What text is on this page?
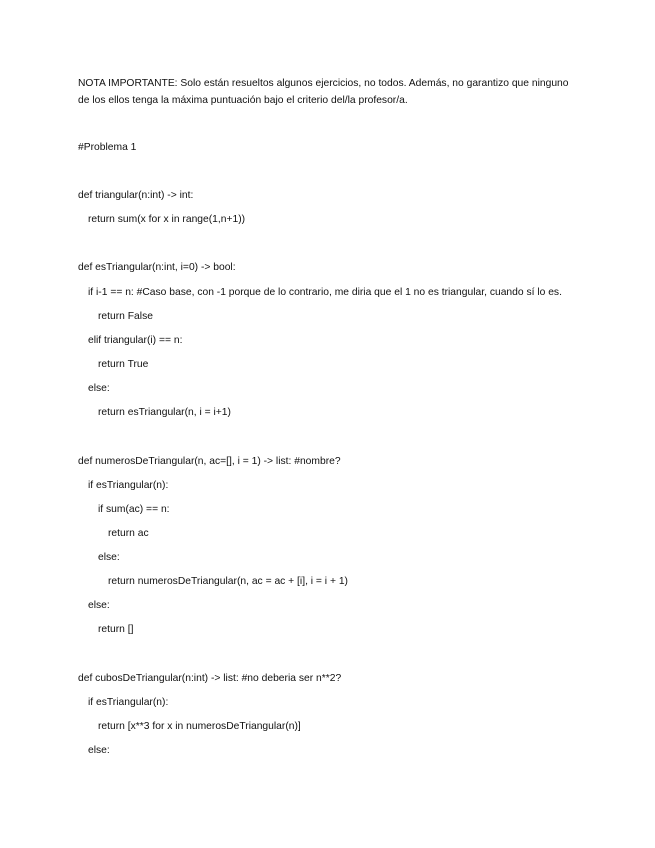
NOTA IMPORTANTE: Solo están resueltos algunos ejercicios, no todos. Además, no garantizo que ninguno
de los ellos tenga la máxima puntuación bajo el criterio del/la profesor/a.
#Problema 1
def triangular(n:int) -> int:
return sum(x for x in range(1,n+1))
def esTriangular(n:int, i=0) -> bool:
if i-1 == n: #Caso base, con -1 porque de lo contrario, me diria que el 1 no es triangular, cuando sí lo es.
return False
elif triangular(i) == n:
return True
else:
return esTriangular(n, i = i+1)
def numerosDeTriangular(n, ac=[], i = 1) -> list: #nombre?
if esTriangular(n):
if sum(ac) == n:
return ac
else:
return numerosDeTriangular(n, ac = ac + [i], i = i + 1)
else:
return []
def cubosDeTriangular(n:int) -> list: #no deberia ser n**2?
if esTriangular(n):
return [x**3 for x in numerosDeTriangular(n)]
else:
